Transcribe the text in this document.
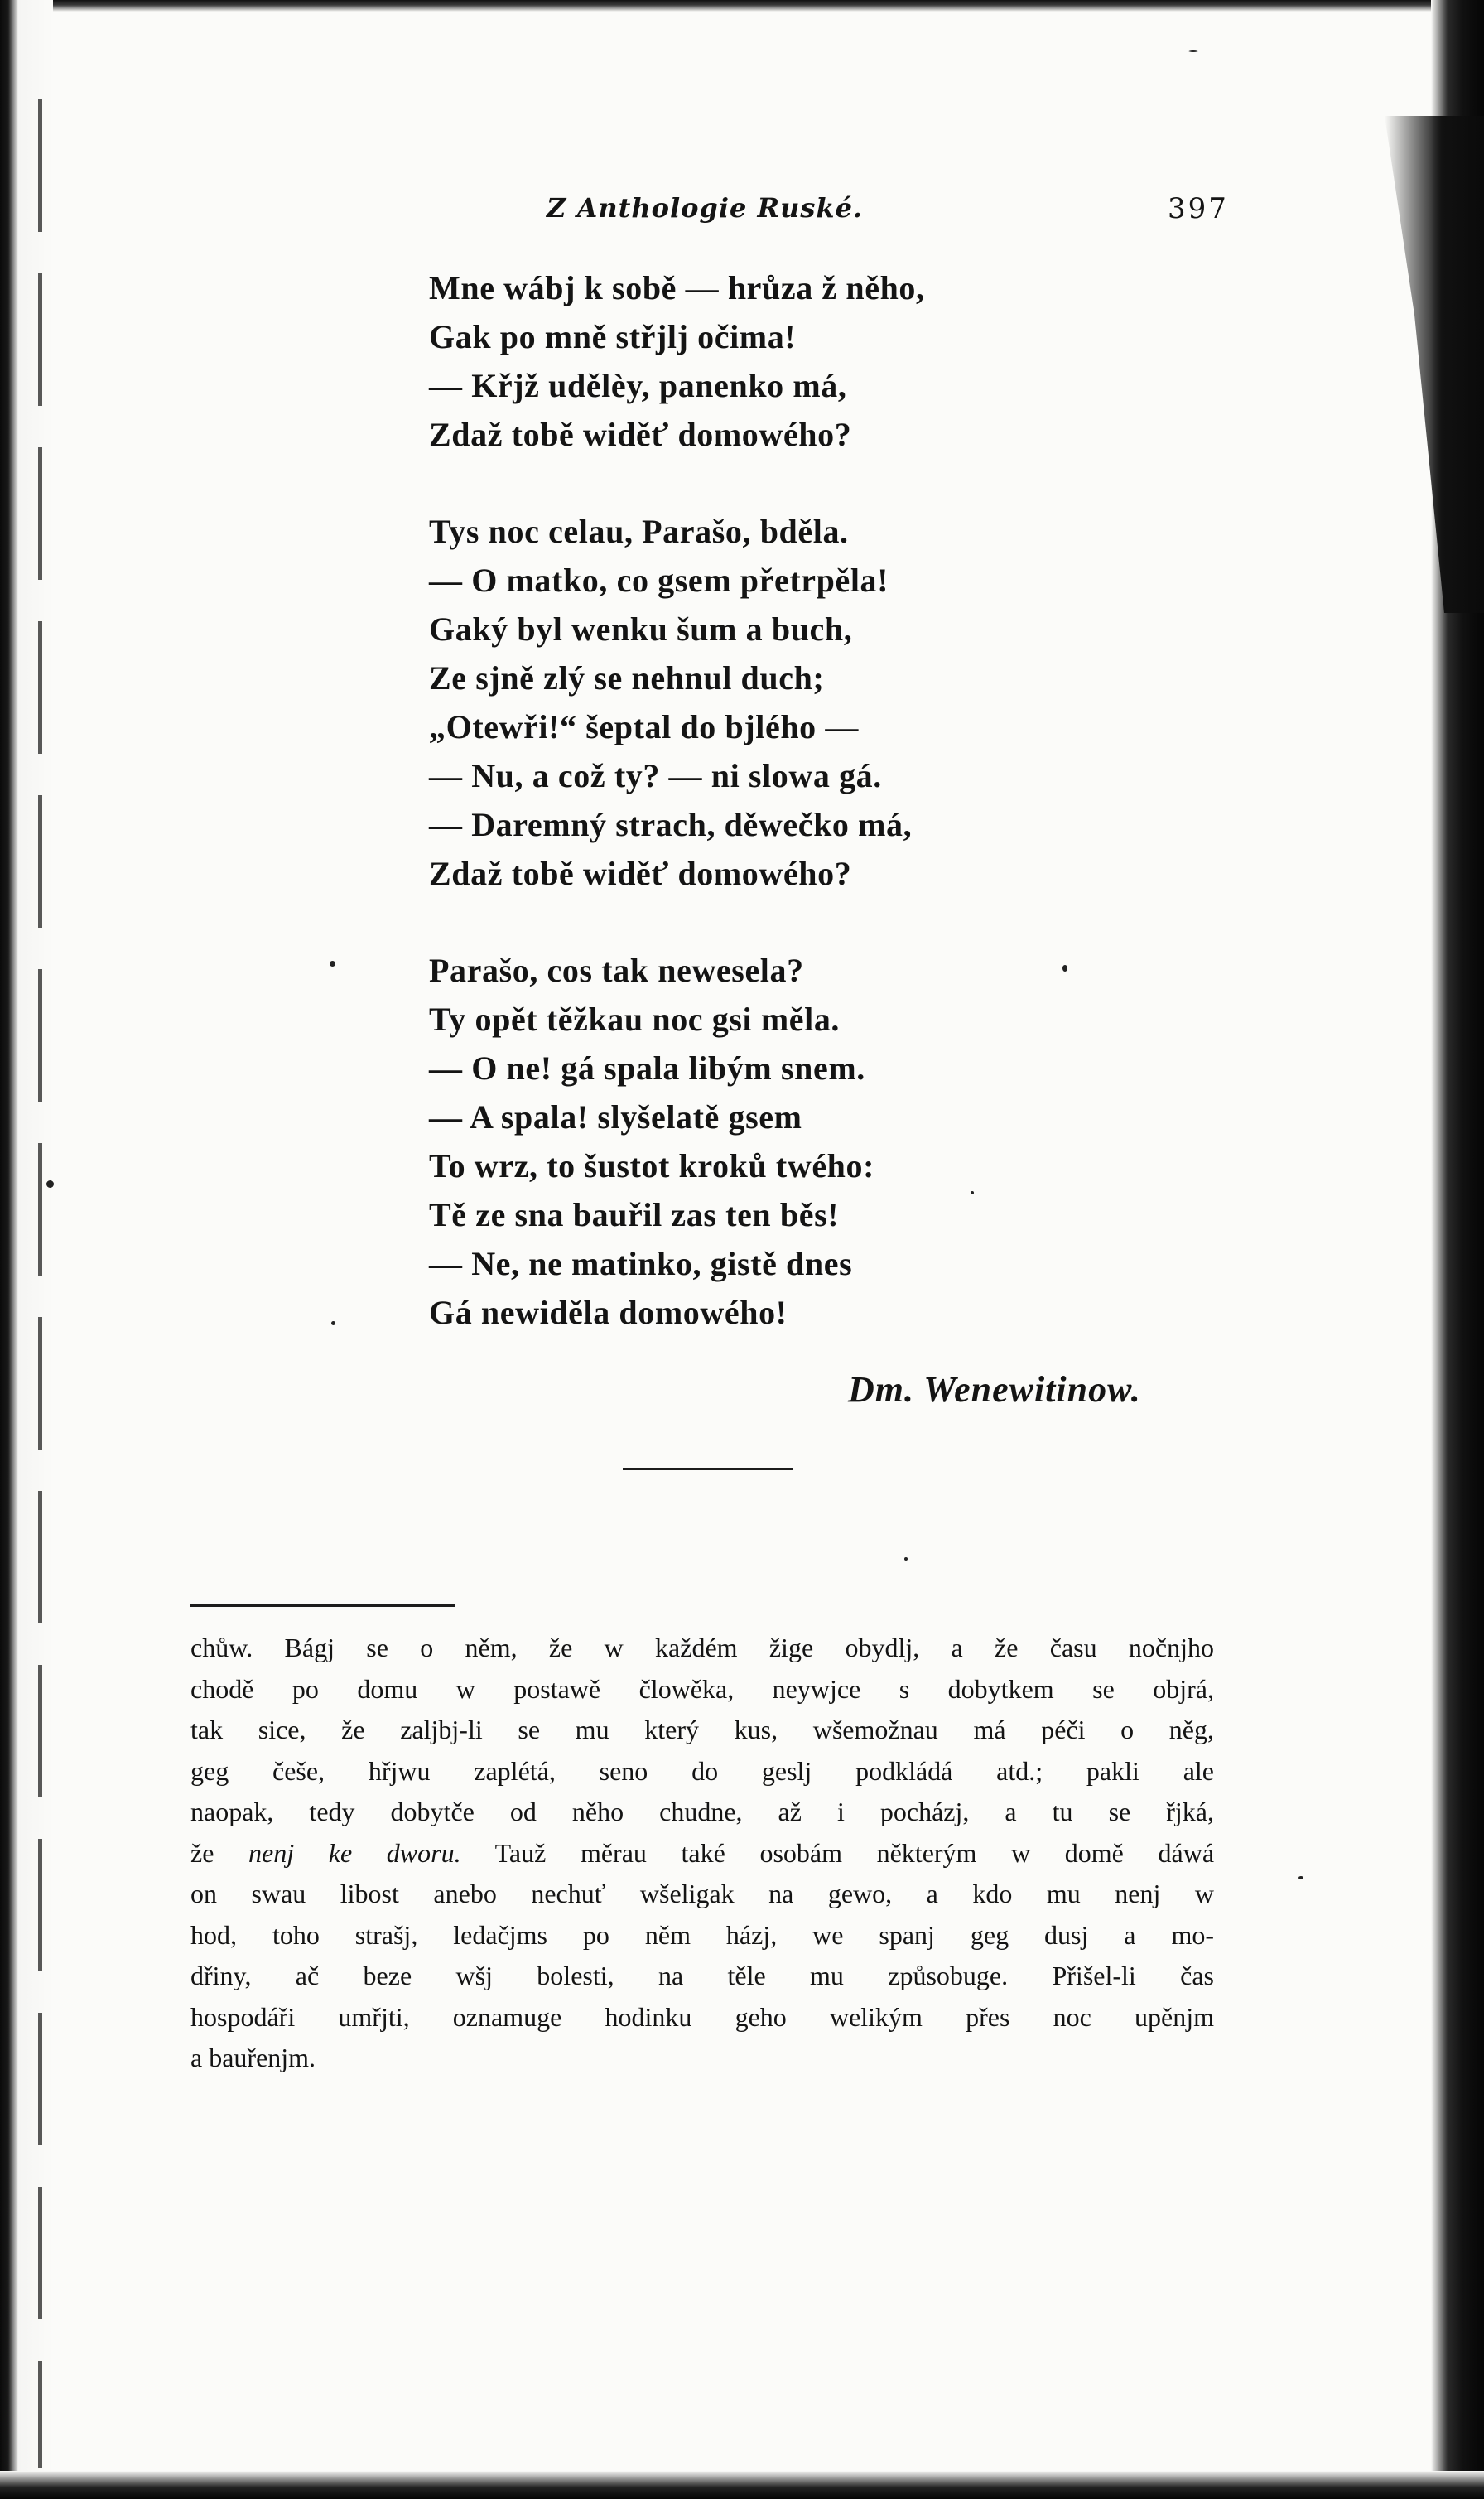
Z Anthologie Ruské.	397
Mne wábj k sobě — hrůza ž něho,
Gak po mně střjlj očima!
— Křjž udělèy, panenko má,
Zdaž tobě widěť domowého?
Tys noc celau, Parašo, bděla.
— O matko, co gsem přetrpěla!
Gaký byl wenku šum a buch,
Ze sjně zlý se nehnul duch;
„Otewři!“ šeptal do bjlého —
— Nu, a což ty? — ni slowa gá.
— Daremný strach, děwečko má,
Zdaž tobě widěť domowého?
Parašo, cos tak newesela?
Ty opět těžkau noc gsi měla.
— O ne! gá spala libým snem.
— A spala! slyšelatě gsem
To wrz, to šustot kroků twého:
Tě ze sna bauřil zas ten běs!
— Ne, ne matinko, gistě dnes
Gá newiděla domowého!
Dm. Wenewitinow.
chůw. Bágj se o něm, že w každém žige obydlj, a že času nočnjho
chodě po domu w postawě člowěka, neywjce s dobytkem se objrá,
tak sice, že zaljbj-li se mu který kus, wšemožnau má péči o něg,
geg češe, hřjwu zaplétá, seno do geslj podkládá atd.; pakli ale
naopak, tedy dobytče od něho chudne, až i pocházj, a tu se řjká,
že nenj ke dworu. Tauž měrau také osobám některým w domě dáwá
on swau libost anebo nechuť wšeligak na gewo, a kdo mu nenj w
hod, toho strašj, ledačjms po něm házj, we spanj geg dusj a mo-
dřiny, ač beze wšj bolesti, na těle mu způsobuge. Přišel-li čas
hospodáři umřjti, oznamuge hodinku geho welikým přes noc upěnjm
a bauřenjm.
